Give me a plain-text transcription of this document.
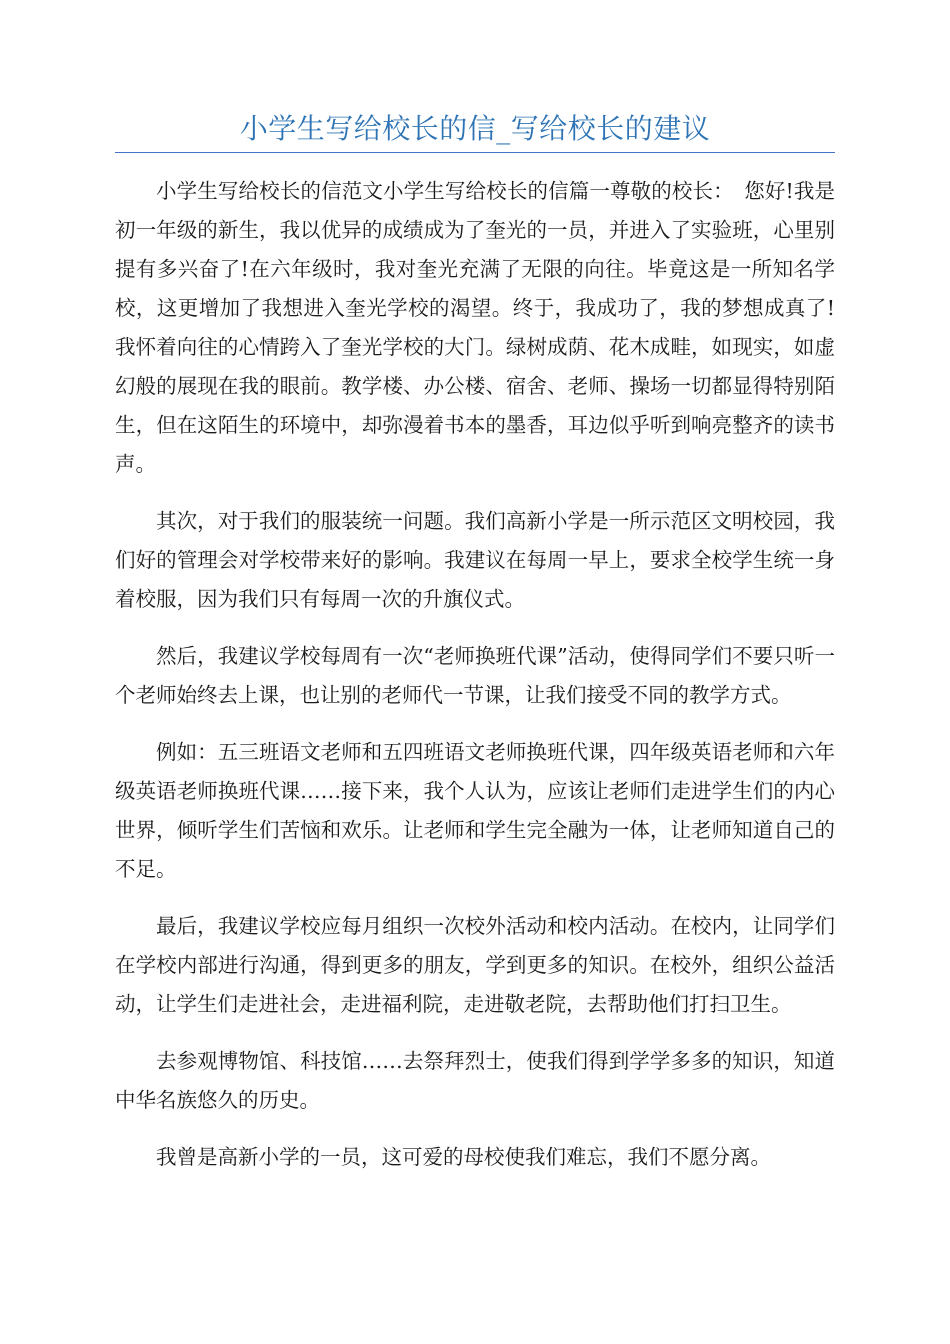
小学生写给校长的信_写给校长的建议

小学生写给校长的信范文小学生写给校长的信篇一尊敬的校长：　您好!我是初一年级的新生，我以优异的成绩成为了奎光的一员，并进入了实验班，心里别提有多兴奋了!在六年级时，我对奎光充满了无限的向往。毕竟这是一所知名学校，这更增加了我想进入奎光学校的渴望。终于，我成功了，我的梦想成真了!我怀着向往的心情跨入了奎光学校的大门。绿树成荫、花木成畦，如现实，如虚幻般的展现在我的眼前。教学楼、办公楼、宿舍、老师、操场一切都显得特别陌生，但在这陌生的环境中，却弥漫着书本的墨香，耳边似乎听到响亮整齐的读书声。

其次，对于我们的服装统一问题。我们高新小学是一所示范区文明校园，我们好的管理会对学校带来好的影响。我建议在每周一早上，要求全校学生统一身着校服，因为我们只有每周一次的升旗仪式。

然后，我建议学校每周有一次“老师换班代课”活动，使得同学们不要只听一个老师始终去上课，也让别的老师代一节课，让我们接受不同的教学方式。

例如：五三班语文老师和五四班语文老师换班代课，四年级英语老师和六年级英语老师换班代课……接下来，我个人认为，应该让老师们走进学生们的内心世界，倾听学生们苦恼和欢乐。让老师和学生完全融为一体，让老师知道自己的不足。

最后，我建议学校应每月组织一次校外活动和校内活动。在校内，让同学们在学校内部进行沟通，得到更多的朋友，学到更多的知识。在校外，组织公益活动，让学生们走进社会，走进福利院，走进敬老院，去帮助他们打扫卫生。

去参观博物馆、科技馆……去祭拜烈士，使我们得到学学多多的知识，知道中华名族悠久的历史。

我曾是高新小学的一员，这可爱的母校使我们难忘，我们不愿分离。
